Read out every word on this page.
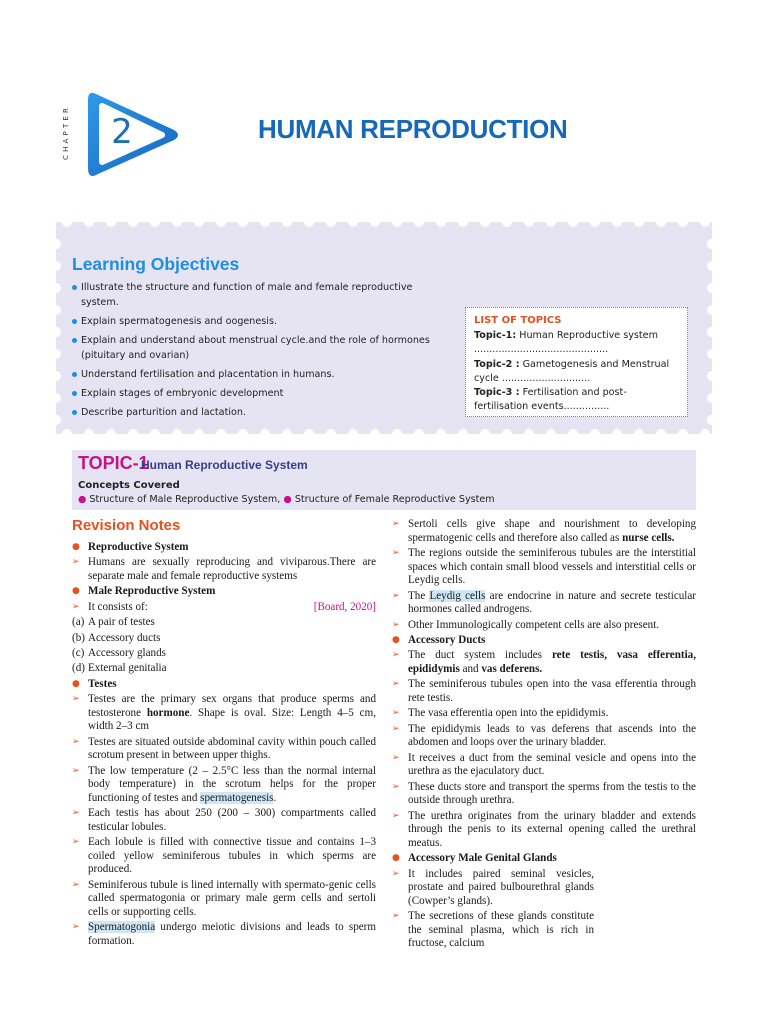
CHAPTER	2	HUMAN REPRODUCTION
Learning Objectives
Illustrate the structure and function of male and female reproductive system.
Explain spermatogenesis and oogenesis.
Explain and understand about menstrual cycle.and the role of hormones (pituitary and ovarian)
Understand fertilisation and placentation in humans.
Explain stages of embryonic development
Describe parturition and lactation.
LIST OF TOPICS
Topic-1: Human Reproductive system ............................................
Topic-2 : Gametogenesis and Menstrual cycle .............................
Topic-3 : Fertilisation and post-fertilisation events...............
TOPIC-1
Human Reproductive System
Concepts Covered
● Structure of Male Reproductive System, ● Structure of Female Reproductive System
Revision Notes
● Reproductive System
➢ Humans are sexually reproducing and viviparous.There are separate male and female reproductive systems
● Male Reproductive System
➢ It consists of:	[Board, 2020]
(a) A pair of testes
(b) Accessory ducts
(c) Accessory glands
(d) External genitalia
● Testes
➢ Testes are the primary sex organs that produce sperms and testosterone hormone. Shape is oval. Size: Length 4–5 cm, width 2–3 cm
➢ Testes are situated outside abdominal cavity within pouch called scrotum present in between upper thighs.
➢ The low temperature (2 – 2.5°C less than the normal internal body temperature) in the scrotum helps for the proper functioning of testes and spermatogenesis.
➢ Each testis has about 250 (200 – 300) compartments called testicular lobules.
➢ Each lobule is filled with connective tissue and contains 1–3 coiled yellow seminiferous tubules in which sperms are produced.
➢ Seminiferous tubule is lined internally with spermato-genic cells called spermatogonia or primary male germ cells and sertoli cells or supporting cells.
➢ Spermatogonia undergo meiotic divisions and leads to sperm formation.
➢ Sertoli cells give shape and nourishment to developing spermatogenic cells and therefore also called as nurse cells.
➢ The regions outside the seminiferous tubules are the interstitial spaces which contain small blood vessels and interstitial cells or Leydig cells.
➢ The Leydig cells are endocrine in nature and secrete testicular hormones called androgens.
➢ Other Immunologically competent cells are also present.
● Accessory Ducts
➢ The duct system includes rete testis, vasa efferentia, epididymis and vas deferens.
➢ The seminiferous tubules open into the vasa efferentia through rete testis.
➢ The vasa efferentia open into the epididymis.
➢ The epididymis leads to vas deferens that ascends into the abdomen and loops over the urinary bladder.
➢ It receives a duct from the seminal vesicle and opens into the urethra as the ejaculatory duct.
➢ These ducts store and transport the sperms from the testis to the outside through urethra.
➢ The urethra originates from the urinary bladder and extends through the penis to its external opening called the urethral meatus.
● Accessory Male Genital Glands
➢ It includes paired seminal vesicles, prostate and paired bulbourethral glands (Cowper’s glands).
➢ The secretions of these glands constitute the seminal plasma, which is rich in fructose, calcium
